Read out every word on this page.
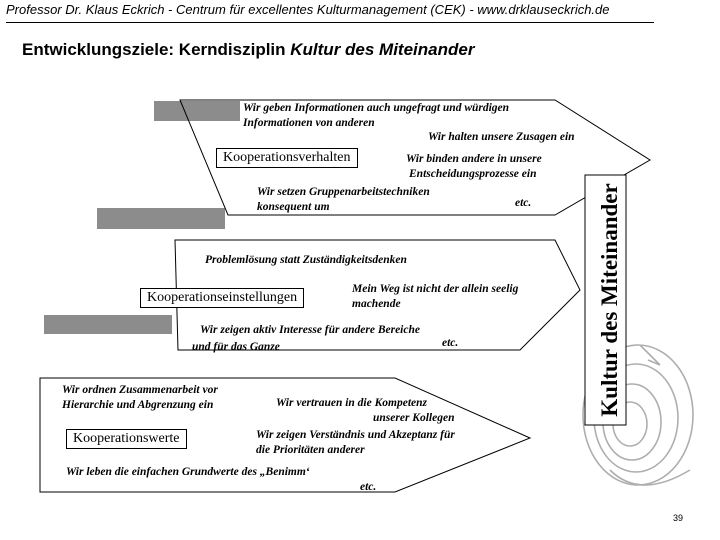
Professor Dr. Klaus Eckrich - Centrum für excellentes Kulturmanagement (CEK) - www.drklauseckrich.de
Entwicklungsziele: Kerndisziplin Kultur des Miteinander
Wir geben Informationen auch ungefragt und würdigen
Informationen von anderen
Wir halten unsere Zusagen ein
Kooperationsverhalten	Wir binden andere in unsere
Entscheidungsprozesse ein
Wir setzen Gruppenarbeitstechniken
etc.
konsequent um
Problemlösung statt Zuständigkeitsdenken
Kooperationseinstellungen
Mein Weg ist nicht der allein seelig
machende
Wir zeigen aktiv Interesse für andere Bereiche
etc.
und für das Ganze
Wir ordnen Zusammenarbeit vor
Hierarchie und Abgrenzung ein	Wir vertrauen in die Kompetenz
unserer Kollegen
Kooperationswerte	Wir zeigen Verständnis und Akzeptanz für
die Prioritäten anderer
Wir leben die einfachen Grundwerte des „Benimm‘
etc.
Kultur des Miteinander
39
